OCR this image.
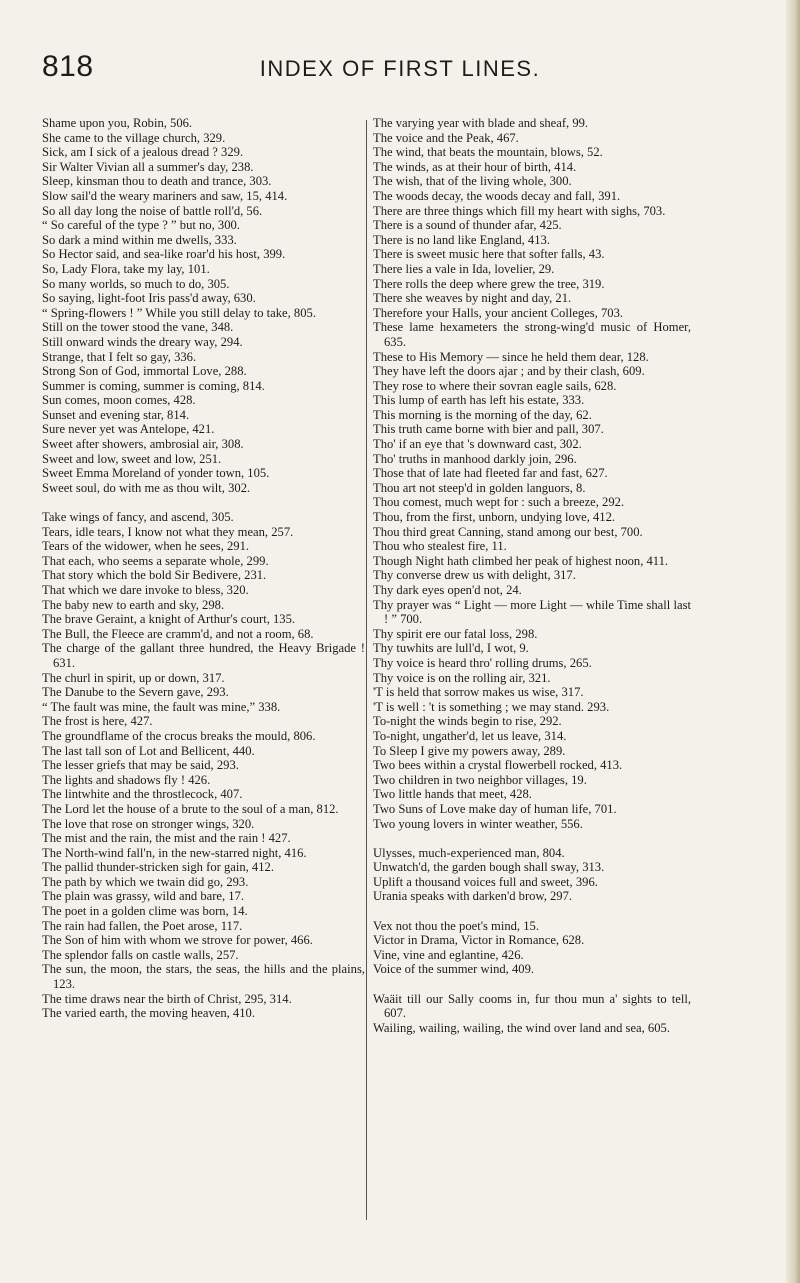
818	INDEX OF FIRST LINES.
Shame upon you, Robin, 506.
She came to the village church, 329.
Sick, am I sick of a jealous dread ? 329.
Sir Walter Vivian all a summer's day, 238.
Sleep, kinsman thou to death and trance, 303.
Slow sail'd the weary mariners and saw, 15, 414.
So all day long the noise of battle roll'd, 56.
“ So careful of the type ? ” but no, 300.
So dark a mind within me dwells, 333.
So Hector said, and sea-like roar'd his host, 399.
So, Lady Flora, take my lay, 101.
So many worlds, so much to do, 305.
So saying, light-foot Iris pass'd away, 630.
“ Spring-flowers ! ” While you still delay to take, 805.
Still on the tower stood the vane, 348.
Still onward winds the dreary way, 294.
Strange, that I felt so gay, 336.
Strong Son of God, immortal Love, 288.
Summer is coming, summer is coming, 814.
Sun comes, moon comes, 428.
Sunset and evening star, 814.
Sure never yet was Antelope, 421.
Sweet after showers, ambrosial air, 308.
Sweet and low, sweet and low, 251.
Sweet Emma Moreland of yonder town, 105.
Sweet soul, do with me as thou wilt, 302.
Take wings of fancy, and ascend, 305.
Tears, idle tears, I know not what they mean, 257.
Tears of the widower, when he sees, 291.
That each, who seems a separate whole, 299.
That story which the bold Sir Bedivere, 231.
That which we dare invoke to bless, 320.
The baby new to earth and sky, 298.
The brave Geraint, a knight of Arthur's court, 135.
The Bull, the Fleece are cramm'd, and not a room, 68.
The charge of the gallant three hundred, the Heavy Brigade ! 631.
The churl in spirit, up or down, 317.
The Danube to the Severn gave, 293.
“ The fault was mine, the fault was mine,” 338.
The frost is here, 427.
The groundflame of the crocus breaks the mould, 806.
The last tall son of Lot and Bellicent, 440.
The lesser griefs that may be said, 293.
The lights and shadows fly ! 426.
The lintwhite and the throstlecock, 407.
The Lord let the house of a brute to the soul of a man, 812.
The love that rose on stronger wings, 320.
The mist and the rain, the mist and the rain ! 427.
The North-wind fall'n, in the new-starred night, 416.
The pallid thunder-stricken sigh for gain, 412.
The path by which we twain did go, 293.
The plain was grassy, wild and bare, 17.
The poet in a golden clime was born, 14.
The rain had fallen, the Poet arose, 117.
The Son of him with whom we strove for power, 466.
The splendor falls on castle walls, 257.
The sun, the moon, the stars, the seas, the hills and the plains, 123.
The time draws near the birth of Christ, 295, 314.
The varied earth, the moving heaven, 410.
The varying year with blade and sheaf, 99.
The voice and the Peak, 467.
The wind, that beats the mountain, blows, 52.
The winds, as at their hour of birth, 414.
The wish, that of the living whole, 300.
The woods decay, the woods decay and fall, 391.
There are three things which fill my heart with sighs, 703.
There is a sound of thunder afar, 425.
There is no land like England, 413.
There is sweet music here that softer falls, 43.
There lies a vale in Ida, lovelier, 29.
There rolls the deep where grew the tree, 319.
There she weaves by night and day, 21.
Therefore your Halls, your ancient Colleges, 703.
These lame hexameters the strong-wing'd music of Homer, 635.
These to His Memory — since he held them dear, 128.
They have left the doors ajar ; and by their clash, 609.
They rose to where their sovran eagle sails, 628.
This lump of earth has left his estate, 333.
This morning is the morning of the day, 62.
This truth came borne with bier and pall, 307.
Tho' if an eye that 's downward cast, 302.
Tho' truths in manhood darkly join, 296.
Those that of late had fleeted far and fast, 627.
Thou art not steep'd in golden languors, 8.
Thou comest, much wept for : such a breeze, 292.
Thou, from the first, unborn, undying love, 412.
Thou third great Canning, stand among our best, 700.
Thou who stealest fire, 11.
Though Night hath climbed her peak of highest noon, 411.
Thy converse drew us with delight, 317.
Thy dark eyes open'd not, 24.
Thy prayer was “ Light — more Light — while Time shall last ! ” 700.
Thy spirit ere our fatal loss, 298.
Thy tuwhits are lull'd, I wot, 9.
Thy voice is heard thro' rolling drums, 265.
Thy voice is on the rolling air, 321.
'T is held that sorrow makes us wise, 317.
'T is well : 't is something ; we may stand. 293.
To-night the winds begin to rise, 292.
To-night, ungather'd, let us leave, 314.
To Sleep I give my powers away, 289.
Two bees within a crystal flowerbell rocked, 413.
Two children in two neighbor villages, 19.
Two little hands that meet, 428.
Two Suns of Love make day of human life, 701.
Two young lovers in winter weather, 556.
Ulysses, much-experienced man, 804.
Unwatch'd, the garden bough shall sway, 313.
Uplift a thousand voices full and sweet, 396.
Urania speaks with darken'd brow, 297.
Vex not thou the poet's mind, 15.
Victor in Drama, Victor in Romance, 628.
Vine, vine and eglantine, 426.
Voice of the summer wind, 409.
Waäit till our Sally cooms in, fur thou mun a' sights to tell, 607.
Wailing, wailing, wailing, the wind over land and sea, 605.
